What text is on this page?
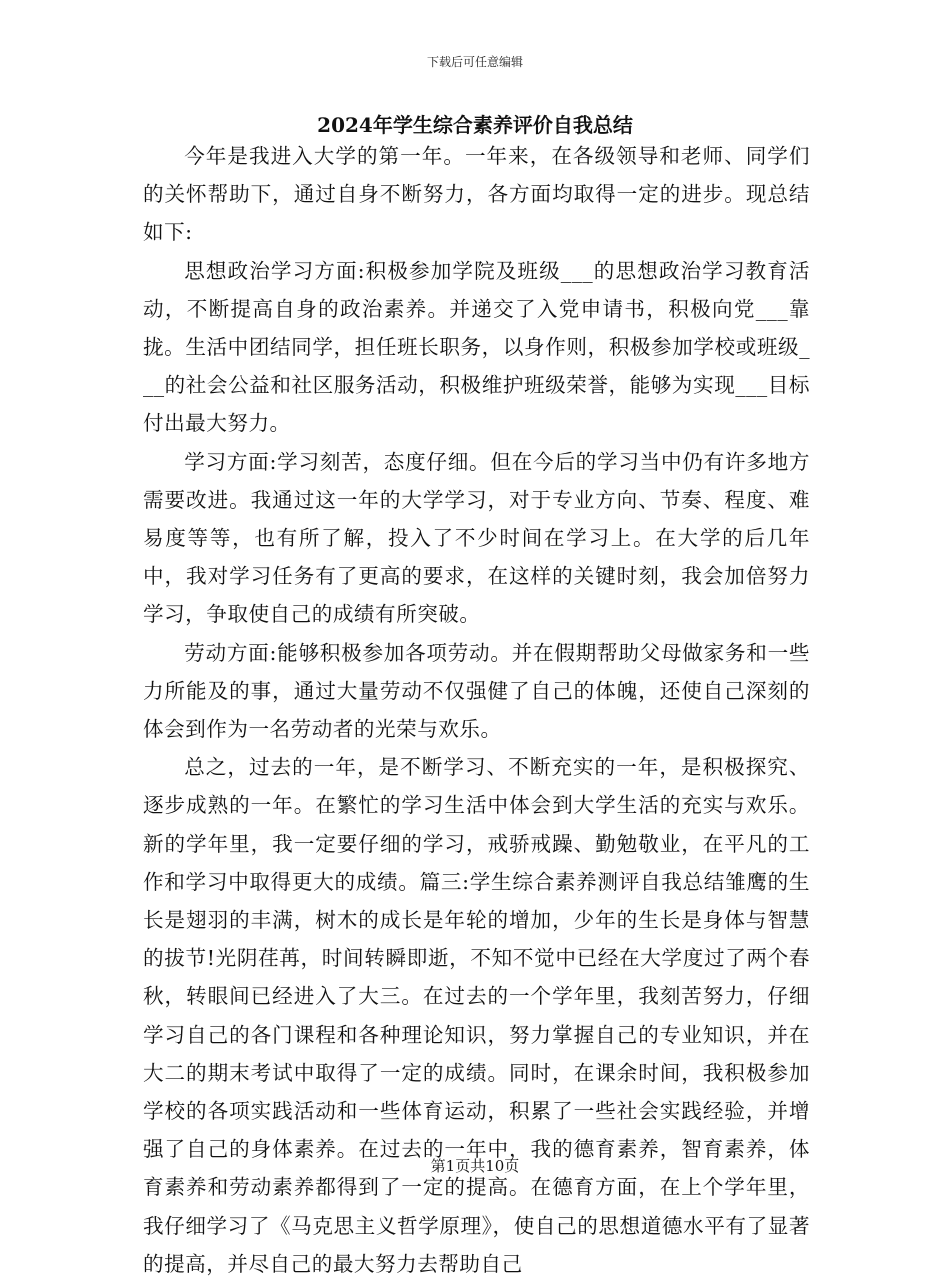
下载后可任意编辑
2024年学生综合素养评价自我总结

今年是我进入大学的第一年。一年来，在各级领导和老师、同学们的关怀帮助下，通过自身不断努力，各方面均取得一定的进步。现总结如下:

思想政治学习方面:积极参加学院及班级___的思想政治学习教育活动，不断提高自身的政治素养。并递交了入党申请书，积极向党___靠拢。生活中团结同学，担任班长职务，以身作则，积极参加学校或班级___的社会公益和社区服务活动，积极维护班级荣誉，能够为实现___目标付出最大努力。

学习方面:学习刻苦，态度仔细。但在今后的学习当中仍有许多地方需要改进。我通过这一年的大学学习，对于专业方向、节奏、程度、难易度等等，也有所了解，投入了不少时间在学习上。在大学的后几年中，我对学习任务有了更高的要求，在这样的关键时刻，我会加倍努力学习，争取使自己的成绩有所突破。

劳动方面:能够积极参加各项劳动。并在假期帮助父母做家务和一些力所能及的事，通过大量劳动不仅强健了自己的体魄，还使自己深刻的体会到作为一名劳动者的光荣与欢乐。

总之，过去的一年，是不断学习、不断充实的一年，是积极探究、逐步成熟的一年。在繁忙的学习生活中体会到大学生活的充实与欢乐。新的学年里，我一定要仔细的学习，戒骄戒躁、勤勉敬业，在平凡的工作和学习中取得更大的成绩。篇三:学生综合素养测评自我总结雏鹰的生长是翅羽的丰满，树木的成长是年轮的增加，少年的生长是身体与智慧的拔节!光阴荏苒，时间转瞬即逝，不知不觉中已经在大学度过了两个春秋，转眼间已经进入了大三。在过去的一个学年里，我刻苦努力，仔细学习自己的各门课程和各种理论知识，努力掌握自己的专业知识，并在大二的期末考试中取得了一定的成绩。同时，在课余时间，我积极参加学校的各项实践活动和一些体育运动，积累了一些社会实践经验，并增强了自己的身体素养。在过去的一年中，我的德育素养，智育素养，体育素养和劳动素养都得到了一定的提高。在德育方面，在上个学年里，我仔细学习了《马克思主义哲学原理》，使自己的思想道德水平有了显著的提高，并尽自己的最大努力去帮助自己

第1页共10页
